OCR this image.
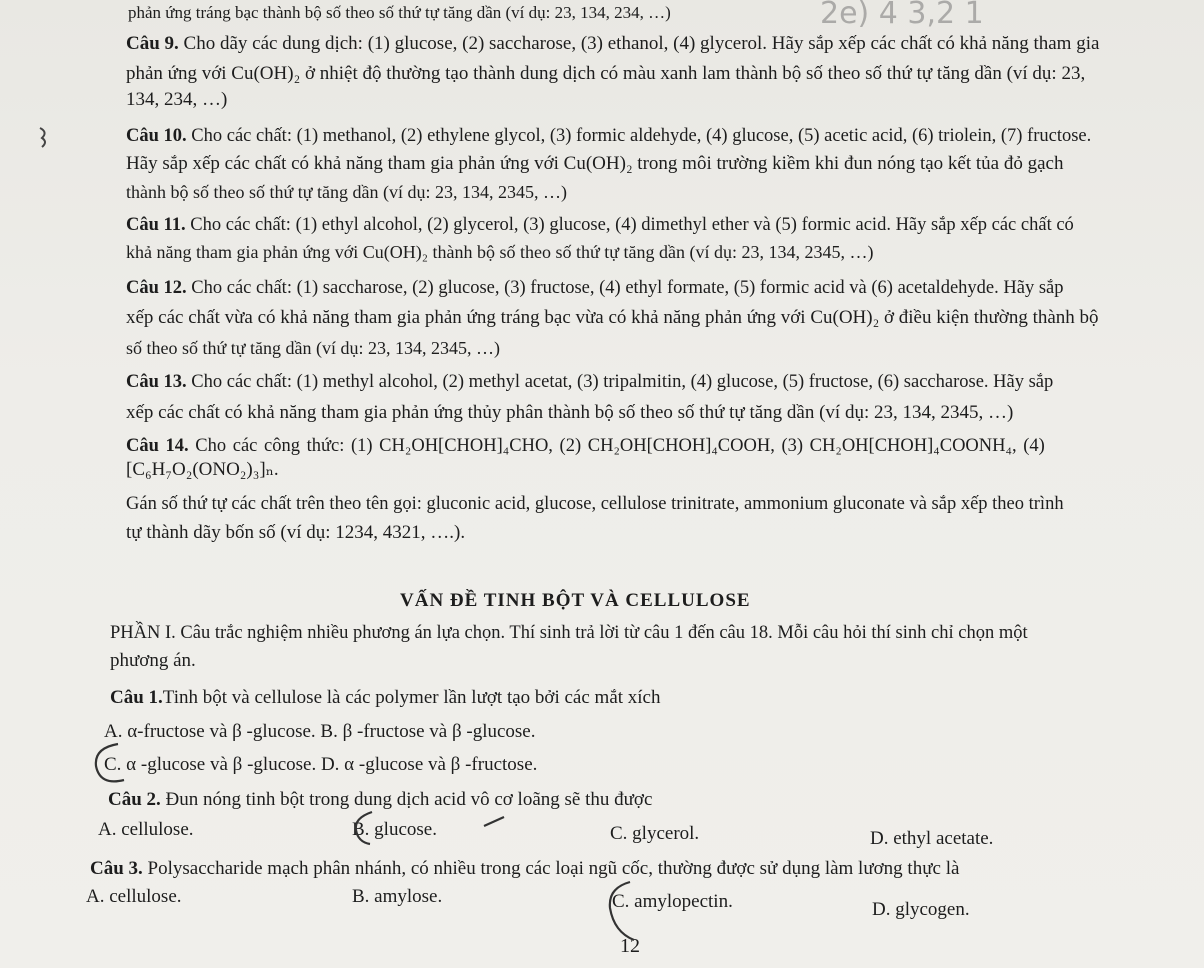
phản ứng tráng bạc thành bộ số theo số thứ tự tăng dần (ví dụ: 23, 134, 234, …)	2e) 4 3,2 1
Câu 9. Cho dãy các dung dịch: (1) glucose, (2) saccharose, (3) ethanol, (4) glycerol. Hãy sắp xếp các chất có khả năng tham gia
phản ứng với Cu(OH)₂ ở nhiệt độ thường tạo thành dung dịch có màu xanh lam thành bộ số theo số thứ tự tăng dần (ví dụ: 23,
134, 234, …)
Câu 10. Cho các chất: (1) methanol, (2) ethylene glycol, (3) formic aldehyde, (4) glucose, (5) acetic acid, (6) triolein, (7) fructose.
Hãy sắp xếp các chất có khả năng tham gia phản ứng với Cu(OH)₂ trong môi trường kiềm khi đun nóng tạo kết tủa đỏ gạch
thành bộ số theo số thứ tự tăng dần (ví dụ: 23, 134, 2345, …)
Câu 11. Cho các chất: (1) ethyl alcohol, (2) glycerol, (3) glucose, (4) dimethyl ether và (5) formic acid. Hãy sắp xếp các chất có
khả năng tham gia phản ứng với Cu(OH)₂ thành bộ số theo số thứ tự tăng dần (ví dụ: 23, 134, 2345, …)
Câu 12. Cho các chất: (1) saccharose, (2) glucose, (3) fructose, (4) ethyl formate, (5) formic acid và (6) acetaldehyde. Hãy sắp
xếp các chất vừa có khả năng tham gia phản ứng tráng bạc vừa có khả năng phản ứng với Cu(OH)₂ ở điều kiện thường thành bộ
số theo số thứ tự tăng dần (ví dụ: 23, 134, 2345, …)
Câu 13. Cho các chất: (1) methyl alcohol, (2) methyl acetat, (3) tripalmitin, (4) glucose, (5) fructose, (6) saccharose. Hãy sắp
xếp các chất có khả năng tham gia phản ứng thủy phân thành bộ số theo số thứ tự tăng dần (ví dụ: 23, 134, 2345, …)
Câu 14. Cho các công thức: (1) CH₂OH[CHOH]₄CHO, (2) CH₂OH[CHOH]₄COOH, (3) CH₂OH[CHOH]₄COONH₄, (4)
[C₆H₇O₂(ONO₂)₃]ₙ.
Gán số thứ tự các chất trên theo tên gọi: gluconic acid, glucose, cellulose trinitrate, ammonium gluconate và sắp xếp theo trình
tự thành dãy bốn số (ví dụ: 1234, 4321, ….).
VẤN ĐỀ TINH BỘT VÀ CELLULOSE
PHẦN I. Câu trắc nghiệm nhiều phương án lựa chọn. Thí sinh trả lời từ câu 1 đến câu 18. Mỗi câu hỏi thí sinh chỉ chọn một
phương án.
Câu 1.Tinh bột và cellulose là các polymer lần lượt tạo bởi các mắt xích
A. α-fructose và β -glucose. B. β -fructose và β -glucose.
C. α -glucose và β -glucose. D. α -glucose và β -fructose.
Câu 2. Đun nóng tinh bột trong dung dịch acid vô cơ loãng sẽ thu được
A. cellulose.	B. glucose.	C. glycerol.	D. ethyl acetate.
Câu 3. Polysaccharide mạch phân nhánh, có nhiều trong các loại ngũ cốc, thường được sử dụng làm lương thực là
A. cellulose.	B. amylose.	C. amylopectin.	D. glycogen.
12
